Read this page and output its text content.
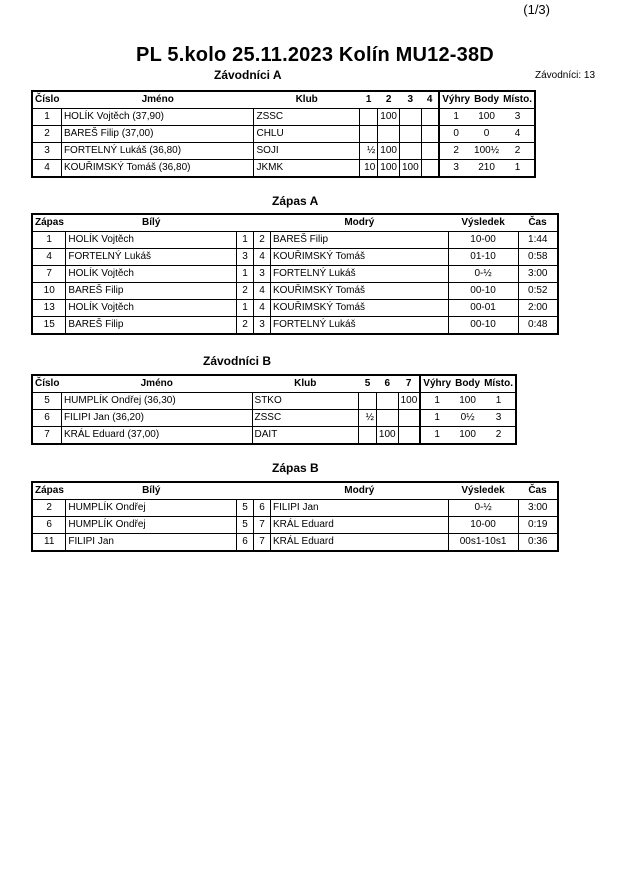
(1/3)
PL 5.kolo 25.11.2023 Kolín MU12-38D
Závodníci A	Závodníci: 13
Číslo	Jméno	Klub	1	2	3	4	Výhry	Body	Místo.
1	HOLÍK Vojtěch (37,90)	ZSSC		100			1	100	3
2	BAREŠ Filip (37,00)	CHLU					0	0	4
3	FORTELNÝ Lukáš (36,80)	SOJI	½	100			2	100½	2
4	KOUŘIMSKÝ Tomáš (36,80)	JKMK	10	100	100		3	210	1
Zápas A
Zápas	Bílý			Modrý	Výsledek	Čas
1	HOLÍK Vojtěch	1	2	BAREŠ Filip	10-00	1:44
4	FORTELNÝ Lukáš	3	4	KOUŘIMSKÝ Tomáš	01-10	0:58
7	HOLÍK Vojtěch	1	3	FORTELNÝ Lukáš	0-½	3:00
10	BAREŠ Filip	2	4	KOUŘIMSKÝ Tomáš	00-10	0:52
13	HOLÍK Vojtěch	1	4	KOUŘIMSKÝ Tomáš	00-01	2:00
15	BAREŠ Filip	2	3	FORTELNÝ Lukáš	00-10	0:48
Závodníci B
Číslo	Jméno	Klub	5	6	7	Výhry	Body	Místo.
5	HUMPLÍK Ondřej (36,30)	STKO			100	1	100	1
6	FILIPI Jan (36,20)	ZSSC	½			1	0½	3
7	KRÁL Eduard (37,00)	DAIT		100		1	100	2
Zápas B
Zápas	Bílý			Modrý	Výsledek	Čas
2	HUMPLÍK Ondřej	5	6	FILIPI Jan	0-½	3:00
6	HUMPLÍK Ondřej	5	7	KRÁL Eduard	10-00	0:19
11	FILIPI Jan	6	7	KRÁL Eduard	00s1-10s1	0:36
